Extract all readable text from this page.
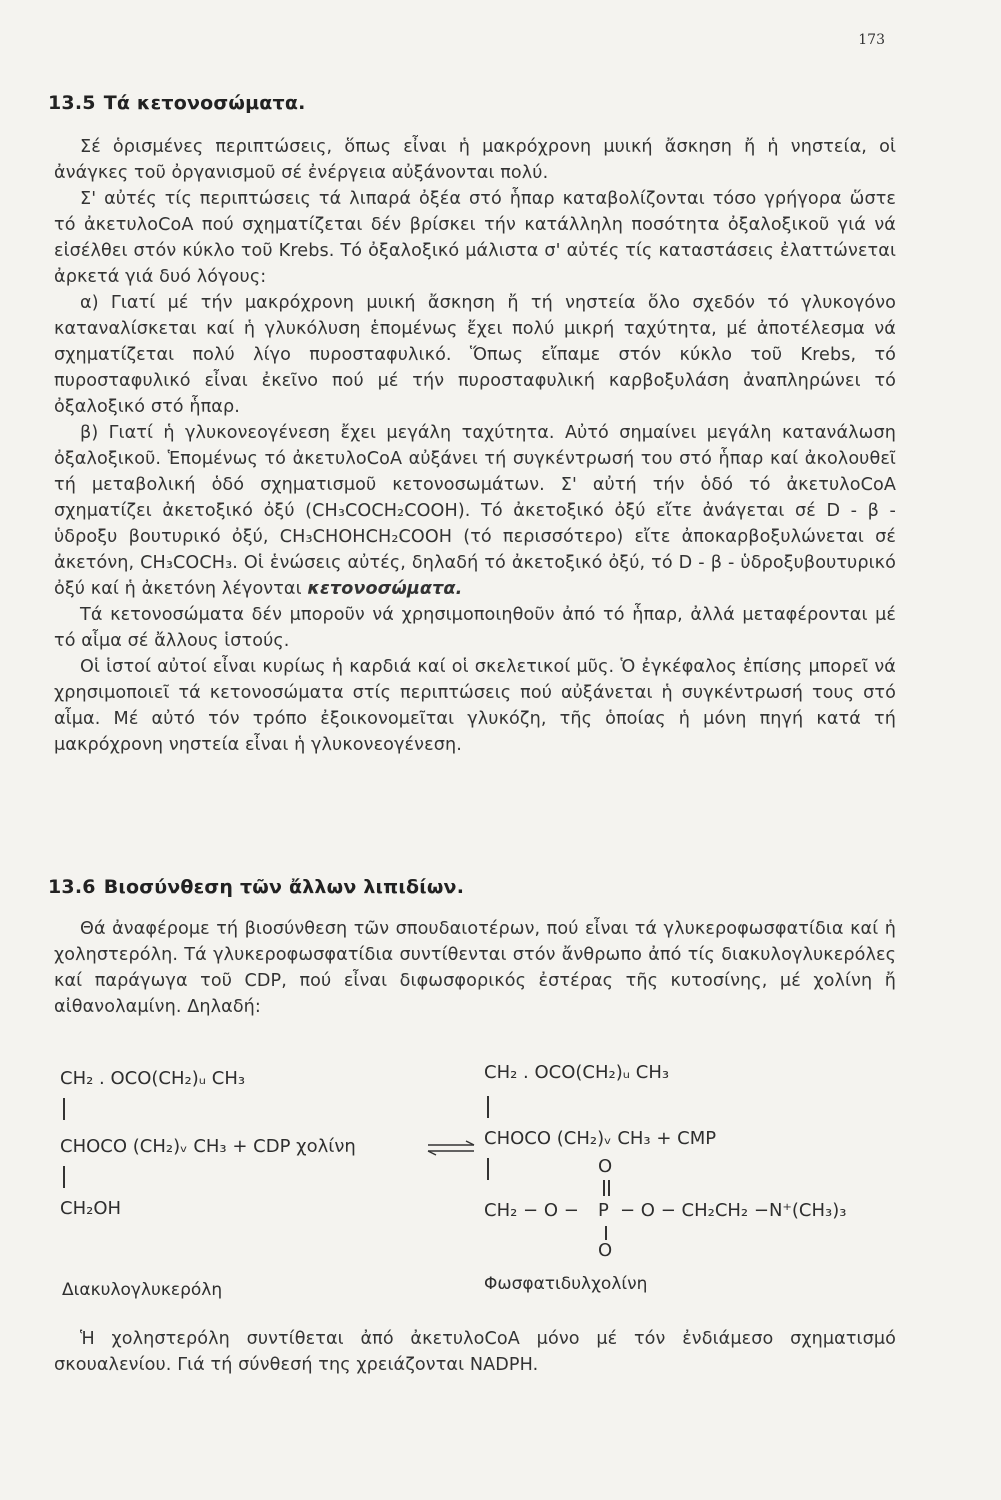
173
13.5 Τά κετονοσώματα.

Σέ ὁρισμένες περιπτώσεις, ὅπως εἶναι ἡ μακρόχρονη μυική ἄσκηση ἤ ἡ νηστεία, οἱ ἀνάγκες τοῦ ὀργανισμοῦ σέ ἐνέργεια αὐξάνονται πολύ.

Σ' αὐτές τίς περιπτώσεις τά λιπαρά ὀξέα στό ἧπαρ καταβολίζονται τόσο γρήγορα ὥστε τό ἀκετυλοCoA πού σχηματίζεται δέν βρίσκει τήν κατάλληλη ποσότητα ὀξαλοξικοῦ γιά νά εἰσέλθει στόν κύκλο τοῦ Krebs. Τό ὀξαλοξικό μάλιστα σ' αὐτές τίς καταστάσεις ἐλαττώνεται ἀρκετά γιά δυό λόγους:

α) Γιατί μέ τήν μακρόχρονη μυική ἄσκηση ἤ τή νηστεία ὅλο σχεδόν τό γλυκογόνο καταναλίσκεται καί ἡ γλυκόλυση ἑπομένως ἔχει πολύ μικρή ταχύτητα, μέ ἀποτέλεσμα νά σχηματίζεται πολύ λίγο πυροσταφυλικό. Ὅπως εἴπαμε στόν κύκλο τοῦ Krebs, τό πυροσταφυλικό εἶναι ἐκεῖνο πού μέ τήν πυροσταφυλική καρβοξυλάση ἀναπληρώνει τό ὀξαλοξικό στό ἧπαρ.

β) Γιατί ἡ γλυκονεογένεση ἔχει μεγάλη ταχύτητα. Αὐτό σημαίνει μεγάλη κατανάλωση ὀξαλοξικοῦ. Ἑπομένως τό ἀκετυλοCoA αὐξάνει τή συγκέντρωσή του στό ἧπαρ καί ἀκολουθεῖ τή μεταβολική ὁδό σχηματισμοῦ κετονοσωμάτων. Σ' αὐτή τήν ὁδό τό ἀκετυλοCoA σχηματίζει ἀκετοξικό ὀξύ (CH₃COCH₂COOH). Τό ἀκετοξικό ὀξύ εἴτε ἀνάγεται σέ D - β - ὑδροξυ βουτυρικό ὀξύ, CH₃CHOHCH₂COOH (τό περισσότερο) εἴτε ἀποκαρβοξυλώνεται σέ ἀκετόνη, CH₃COCH₃. Οἱ ἑνώσεις αὐτές, δηλαδή τό ἀκετοξικό ὀξύ, τό D - β - ὑδροξυβουτυρικό ὀξύ καί ἡ ἀκετόνη λέγονται κετονοσώματα.

Τά κετονοσώματα δέν μποροῦν νά χρησιμοποιηθοῦν ἀπό τό ἧπαρ, ἀλλά μεταφέρονται μέ τό αἷμα σέ ἄλλους ἱστούς.

Οἱ ἱστοί αὐτοί εἶναι κυρίως ἡ καρδιά καί οἱ σκελετικοί μῦς. Ὁ ἐγκέφαλος ἐπίσης μπορεῖ νά χρησιμοποιεῖ τά κετονοσώματα στίς περιπτώσεις πού αὐξάνεται ἡ συγκέντρωσή τους στό αἷμα. Μέ αὐτό τόν τρόπο ἐξοικονομεῖται γλυκόζη, τῆς ὁποίας ἡ μόνη πηγή κατά τή μακρόχρονη νηστεία εἶναι ἡ γλυκονεογένεση.

13.6 Βιοσύνθεση τῶν ἄλλων λιπιδίων.

Θά ἀναφέρομε τή βιοσύνθεση τῶν σπουδαιοτέρων, πού εἶναι τά γλυκεροφωσφατίδια καί ἡ χοληστερόλη. Τά γλυκεροφωσφατίδια συντίθενται στόν ἄνθρωπο ἀπό τίς διακυλογλυκερόλες καί παράγωγα τοῦ CDP, πού εἶναι διφωσφορικός ἐστέρας τῆς κυτοσίνης, μέ χολίνη ἤ αἰθανολαμίνη. Δηλαδή:

CH₂ . OCO(CH₂)ᵤ CH₃
CHOCO (CH₂)ᵥ CH₃ + CDP χολίνη
CH₂OH
Διακυλογλυκερόλη
CH₂ . OCO(CH₂)ᵤ CH₃
CHOCO (CH₂)ᵥ CH₃ + CMP
O
CH₂ − O − P − O − CH₂CH₂ −N⁺(CH₃)₃
O
Φωσφατιδυλχολίνη

Ἡ χοληστερόλη συντίθεται ἀπό ἀκετυλοCoA μόνο μέ τόν ἐνδιάμεσο σχηματισμό σκουαλενίου. Γιά τή σύνθεσή της χρειάζονται NADPH.
